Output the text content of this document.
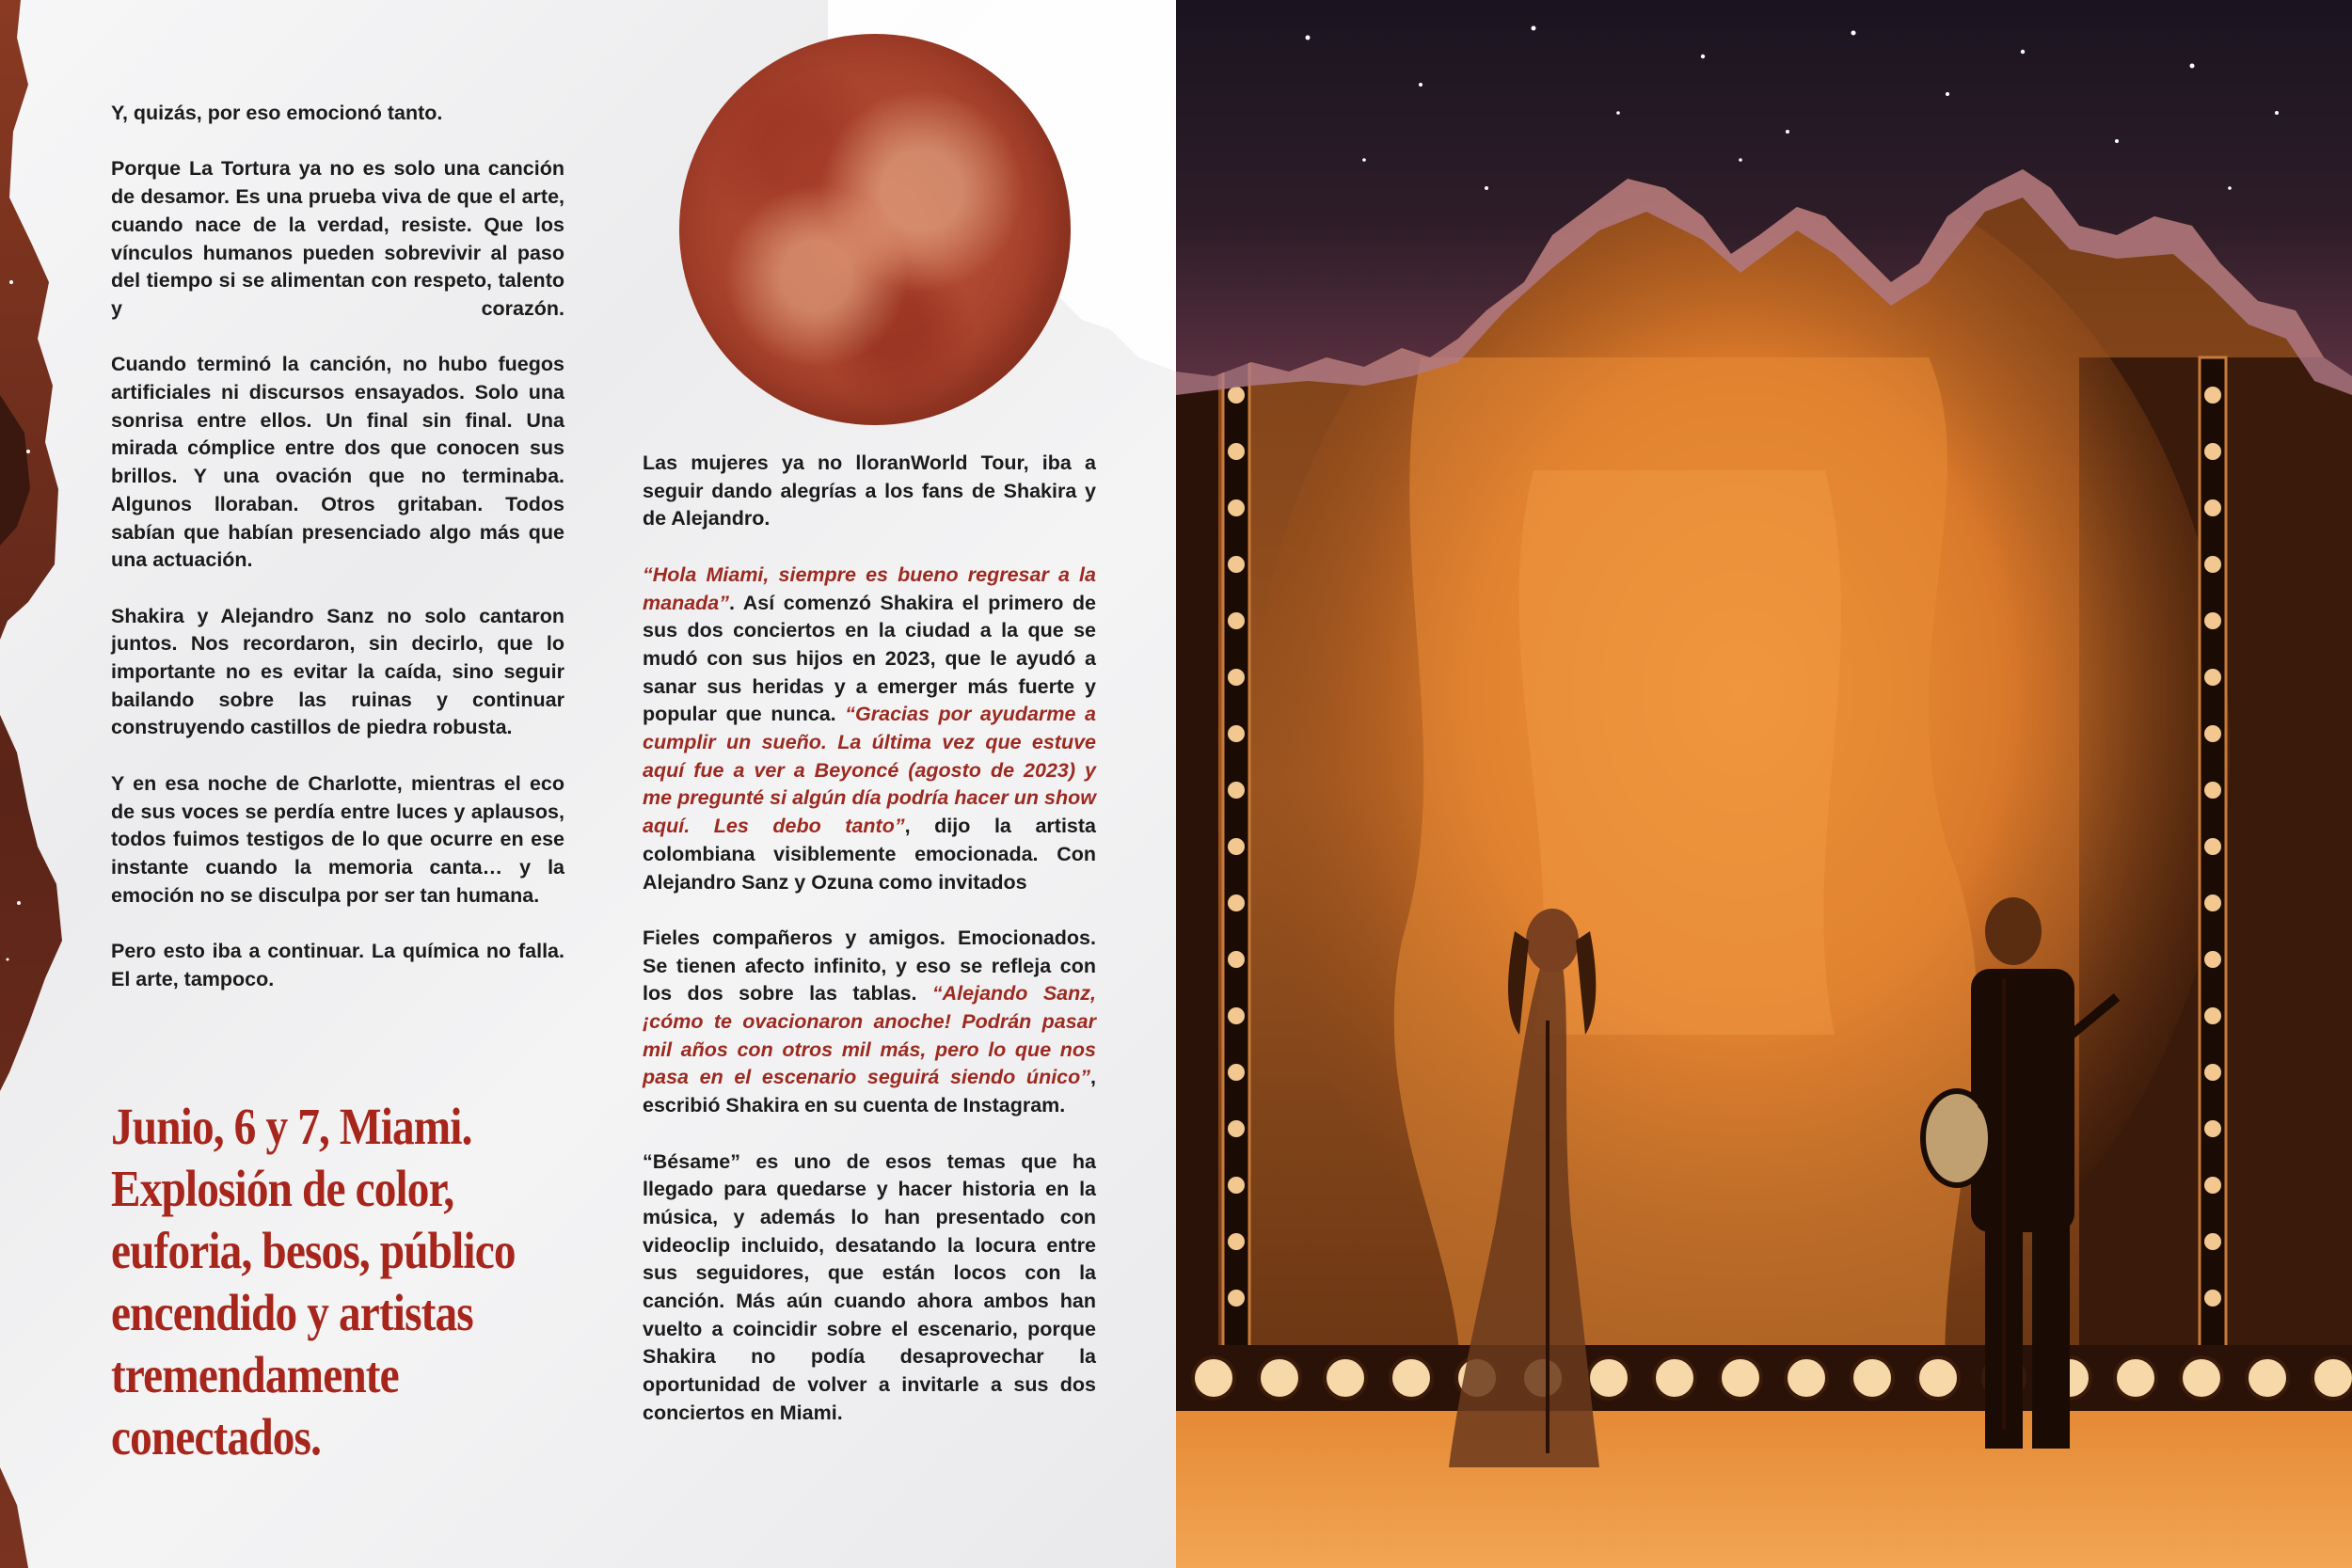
Y, quizás, por eso emocionó tanto.

Porque La Tortura ya no es solo una canción de desamor. Es una prueba viva de que el arte, cuando nace de la verdad, resiste. Que los vínculos humanos pueden sobrevivir al paso del tiempo si se alimentan con respeto, talento y corazón.

Cuando terminó la canción, no hubo fuegos artificiales ni discursos ensayados. Solo una sonrisa entre ellos. Un final sin final. Una mirada cómplice entre dos que conocen sus brillos. Y una ovación que no terminaba. Algunos lloraban. Otros gritaban. Todos sabían que habían presenciado algo más que una actuación.

Shakira y Alejandro Sanz no solo cantaron juntos. Nos recordaron, sin decirlo, que lo importante no es evitar la caída, sino seguir bailando sobre las ruinas y continuar construyendo castillos de piedra robusta.

Y en esa noche de Charlotte, mientras el eco de sus voces se perdía entre luces y aplausos, todos fuimos testigos de lo que ocurre en ese instante cuando la memoria canta… y la emoción no se disculpa por ser tan humana.

Pero esto iba a continuar. La química no falla. El arte, tampoco.

Junio, 6 y 7, Miami. Explosión de color, euforia, besos, público encendido y artistas tremendamente conectados.

Las mujeres ya no lloranWorld Tour, iba a seguir dando alegrías a los fans de Shakira y de Alejandro.

“Hola Miami, siempre es bueno regresar a la manada”. Así comenzó Shakira el primero de sus dos conciertos en la ciudad a la que se mudó con sus hijos en 2023, que le ayudó a sanar sus heridas y a emerger más fuerte y popular que nunca. “Gracias por ayudarme a cumplir un sueño. La última vez que estuve aquí fue a ver a Beyoncé (agosto de 2023) y me pregunté si algún día podría hacer un show aquí. Les debo tanto”, dijo la artista colombiana visiblemente emocionada. Con Alejandro Sanz y Ozuna como invitados

Fieles compañeros y amigos. Emocionados. Se tienen afecto infinito, y eso se refleja con los dos sobre las tablas. “Alejando Sanz, ¡cómo te ovacionaron anoche! Podrán pasar mil años con otros mil más, pero lo que nos pasa en el escenario seguirá siendo único”, escribió Shakira en su cuenta de Instagram.

“Bésame” es uno de esos temas que ha llegado para quedarse y hacer historia en la música, y además lo han presentado con videoclip incluido, desatando la locura entre sus seguidores, que están locos con la canción. Más aún cuando ahora ambos han vuelto a coincidir sobre el escenario, porque Shakira no podía desaprovechar la oportunidad de volver a invitarle a sus dos conciertos en Miami.
